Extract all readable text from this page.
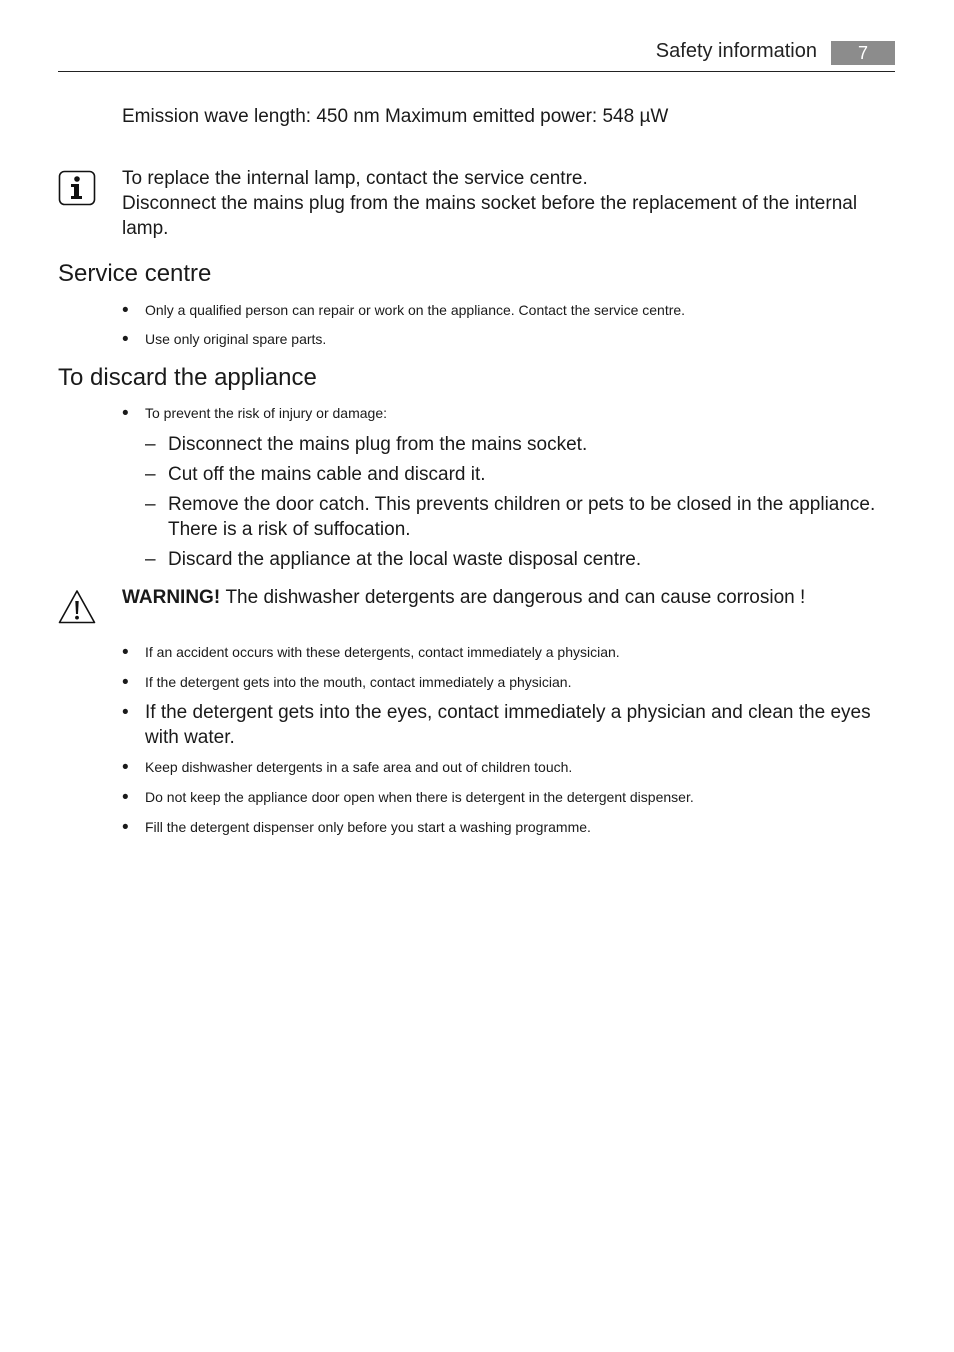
Safety information	7
Emission wave length: 450 nm Maximum emitted power: 548 µW
To replace the internal lamp, contact the service centre. Disconnect the mains plug from the mains socket before the replacement of the internal lamp.
Service centre
• Only a qualified person can repair or work on the appliance. Contact the service centre.
• Use only original spare parts.
To discard the appliance
• To prevent the risk of injury or damage:
– Disconnect the mains plug from the mains socket.
– Cut off the mains cable and discard it.
– Remove the door catch. This prevents children or pets to be closed in the appliance. There is a risk of suffocation.
– Discard the appliance at the local waste disposal centre.
WARNING! The dishwasher detergents are dangerous and can cause corrosion !
• If an accident occurs with these detergents, contact immediately a physician.
• If the detergent gets into the mouth, contact immediately a physician.
• If the detergent gets into the eyes, contact immediately a physician and clean the eyes with water.
• Keep dishwasher detergents in a safe area and out of children touch.
• Do not keep the appliance door open when there is detergent in the detergent dispenser.
• Fill the detergent dispenser only before you start a washing programme.
